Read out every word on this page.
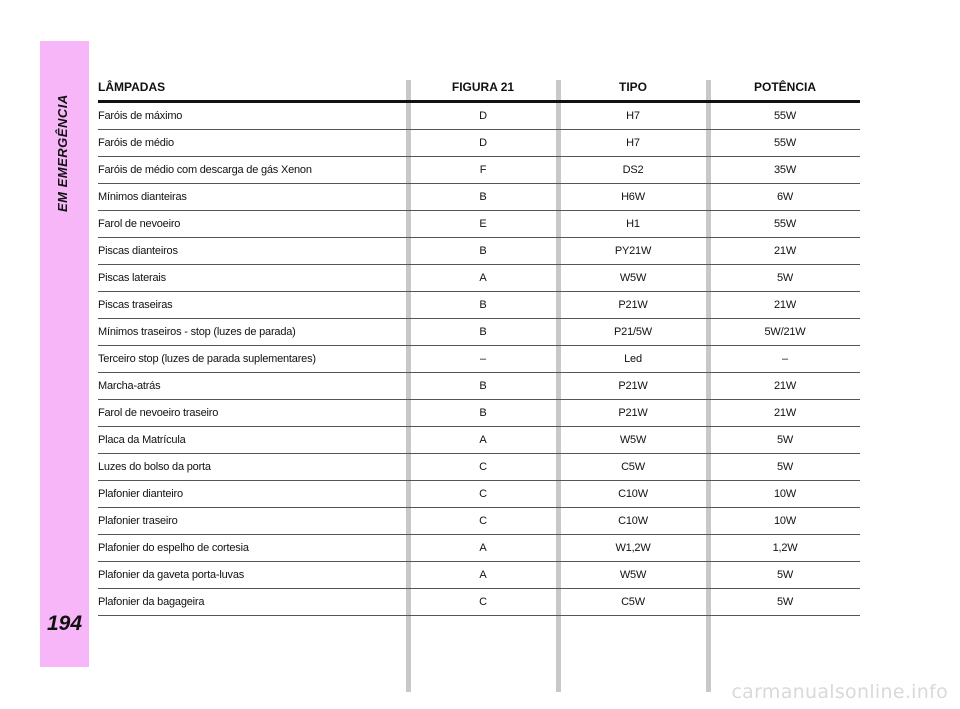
EM EMERGÊNCIA
194
LÂMPADAS	FIGURA 21	TIPO	POTÊNCIA
Faróis de máximo	D	H7	55W
Faróis de médio	D	H7	55W
Faróis de médio com descarga de gás Xenon	F	DS2	35W
Mínimos dianteiras	B	H6W	6W
Farol de nevoeiro	E	H1	55W
Piscas dianteiros	B	PY21W	21W
Piscas laterais	A	W5W	5W
Piscas traseiras	B	P21W	21W
Mínimos traseiros - stop (luzes de parada)	B	P21/5W	5W/21W
Terceiro stop (luzes de parada suplementares)	–	Led	–
Marcha-atrás	B	P21W	21W
Farol de nevoeiro traseiro	B	P21W	21W
Placa da Matrícula	A	W5W	5W
Luzes do bolso da porta	C	C5W	5W
Plafonier dianteiro	C	C10W	10W
Plafonier traseiro	C	C10W	10W
Plafonier do espelho de cortesia	A	W1,2W	1,2W
Plafonier da gaveta porta-luvas	A	W5W	5W
Plafonier da bagageira	C	C5W	5W
carmanualsonline.info
